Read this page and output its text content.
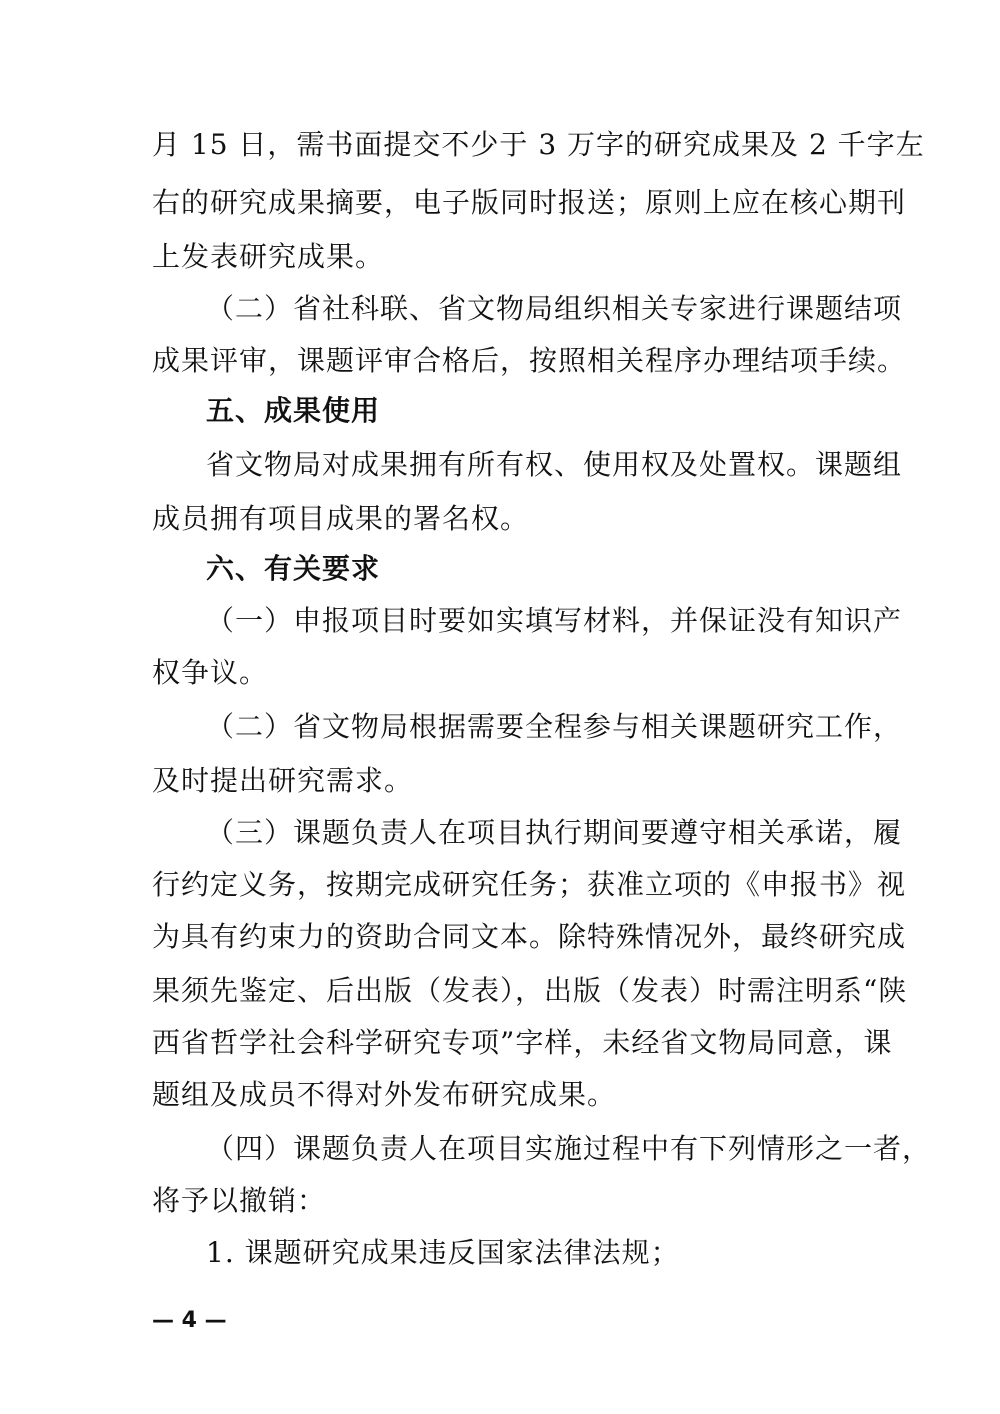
月 15 日，需书面提交不少于 3 万字的研究成果及 2 千字左
右的研究成果摘要，电子版同时报送；原则上应在核心期刊
上发表研究成果。
（二）省社科联、省文物局组织相关专家进行课题结项
成果评审，课题评审合格后，按照相关程序办理结项手续。
五、成果使用
省文物局对成果拥有所有权、使用权及处置权。课题组
成员拥有项目成果的署名权。
六、有关要求
（一）申报项目时要如实填写材料，并保证没有知识产
权争议。
（二）省文物局根据需要全程参与相关课题研究工作，
及时提出研究需求。
（三）课题负责人在项目执行期间要遵守相关承诺，履
行约定义务，按期完成研究任务；获准立项的《申报书》视
为具有约束力的资助合同文本。除特殊情况外，最终研究成
果须先鉴定、后出版（发表），出版（发表）时需注明系“陕
西省哲学社会科学研究专项”字样，未经省文物局同意，课
题组及成员不得对外发布研究成果。
（四）课题负责人在项目实施过程中有下列情形之一者，
将予以撤销：
1. 课题研究成果违反国家法律法规；
— 4 —
